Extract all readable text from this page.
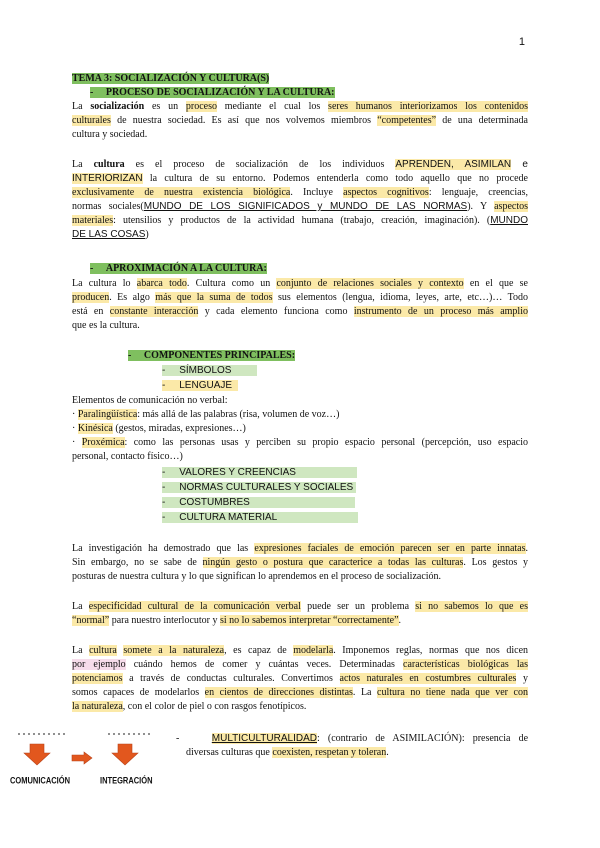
1
TEMA 3: SOCIALIZACIÓN Y CULTURA(S)
-     PROCESO DE SOCIALIZACIÓN Y LA CULTURA:
La socialización es un proceso mediante el cual los seres humanos interiorizamos los contenidos
culturales de nuestra sociedad. Es así que nos volvemos miembros “competentes” de una determinada
cultura y sociedad.
La cultura es el proceso de socialización de los individuos APRENDEN, ASIMILAN e
INTERIORIZAN la cultura de su entorno. Podemos entenderla como todo aquello que no procede
exclusivamente de nuestra existencia biológica. Incluye aspectos cognitivos: lenguaje, creencias,
normas sociales(MUNDO DE LOS SIGNIFICADOS y MUNDO DE LAS NORMAS). Y aspectos
materiales: utensilios y productos de la actividad humana (trabajo, creación, imaginación). (MUNDO
DE LAS COSAS)
-     APROXIMACIÓN A LA CULTURA:
La cultura lo abarca todo. Cultura como un conjunto de relaciones sociales y contexto en el que se
producen. Es algo más que la suma de todos sus elementos (lengua, idioma, leyes, arte, etc…)… Todo
está en constante interacción y cada elemento funciona como instrumento de un proceso más amplio
que es la cultura.
-     COMPONENTES PRINCIPALES:
-     SÍMBOLOS
-     LENGUAJE
Elementos de comunicación no verbal:
· Paralingüística: más allá de las palabras (risa, volumen de voz…)
· Kinésica (gestos, miradas, expresiones…)
· Proxémica: como las personas usas y perciben su propio espacio personal (percepción, uso espacio
personal, contacto físico…)
-     VALORES Y CREENCIAS
-     NORMAS CULTURALES Y SOCIALES
-     COSTUMBRES
-     CULTURA MATERIAL
La investigación ha demostrado que las expresiones faciales de emoción parecen ser en parte innatas.
Sin embargo, no se sabe de ningún gesto o postura que caracterice a todas las culturas. Los gestos y
posturas de nuestra cultura y lo que significan lo aprendemos en el proceso de socialización.
La especificidad cultural de la comunicación verbal puede ser un problema si no sabemos lo que es
“normal” para nuestro interlocutor y si no lo sabemos interpretar “correctamente”.
La cultura somete a la naturaleza, es capaz de modelarla. Imponemos reglas, normas que nos dicen
por ejemplo cuándo hemos de comer y cuántas veces. Determinadas características biológicas las
potenciamos a través de conductas culturales. Convertimos actos naturales en costumbres culturales y
somos capaces de modelarlos en cientos de direcciones distintas. La cultura no tiene nada que ver con
la naturaleza, con el color de piel o con rasgos fenotípicos.
-	MULTICULTURALIDAD: (contrario de ASIMILACIÓN): presencia de
diversas culturas que coexisten, respetan y toleran.
COMUNICACIÓN	INTEGRACIÓN
